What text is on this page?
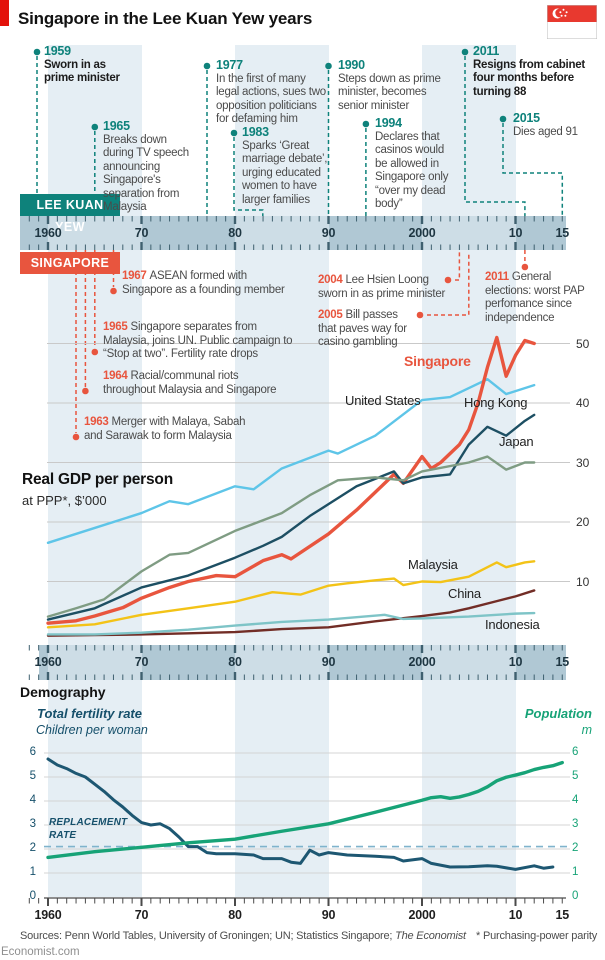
Singapore in the Lee Kuan Yew years
LEE KUAN YEW
SINGAPORE
Real GDP per person
at PPP*, $’000
Demography
Total fertility rate
Children per woman
Population
m
REPLACEMENT
RATE
Sources: Penn World Tables, University of Groningen; UN; Statistics Singapore; The Economist * Purchasing-power parity
Economist.com
1960	70	80	90	2000	10	15
1960	70	80	90	2000	10	15
1959
Sworn in as
prime minister
1965
Breaks down
during TV speech
announcing
Singapore's
separation from
Malaysia
1977
In the first of many
legal actions, sues two
opposition politicians
for defaming him
1983
Sparks ‘Great
marriage debate’,
urging educated
women to have
larger families
1990
Steps down as prime
minister, becomes
senior minister
1994
Declares that
casinos would
be allowed in
Singapore only
“over my dead
body”
2011
Resigns from cabinet
four months before
turning 88
2015
Dies aged 91
1967 ASEAN formed with
Singapore as a founding member
1965 Singapore separates from
Malaysia, joins UN. Public campaign to
“Stop at two”. Fertility rate drops
1964 Racial/communal riots
throughout Malaysia and Singapore
1963 Merger with Malaya, Sabah
and Sarawak to form Malaysia
2004 Lee Hsien Loong
sworn in as prime minister
2005 Bill passes
that paves way for
casino gambling
2011 General
elections: worst PAP
perfomance since
independence
10
20
30
40
50
United States
Singapore
Hong Kong
Japan
Malaysia
China
Indonesia
0	0
1	1
2	2
3	3
4	4
5	5
6	6
1960	70	80	90	2000	10	15
